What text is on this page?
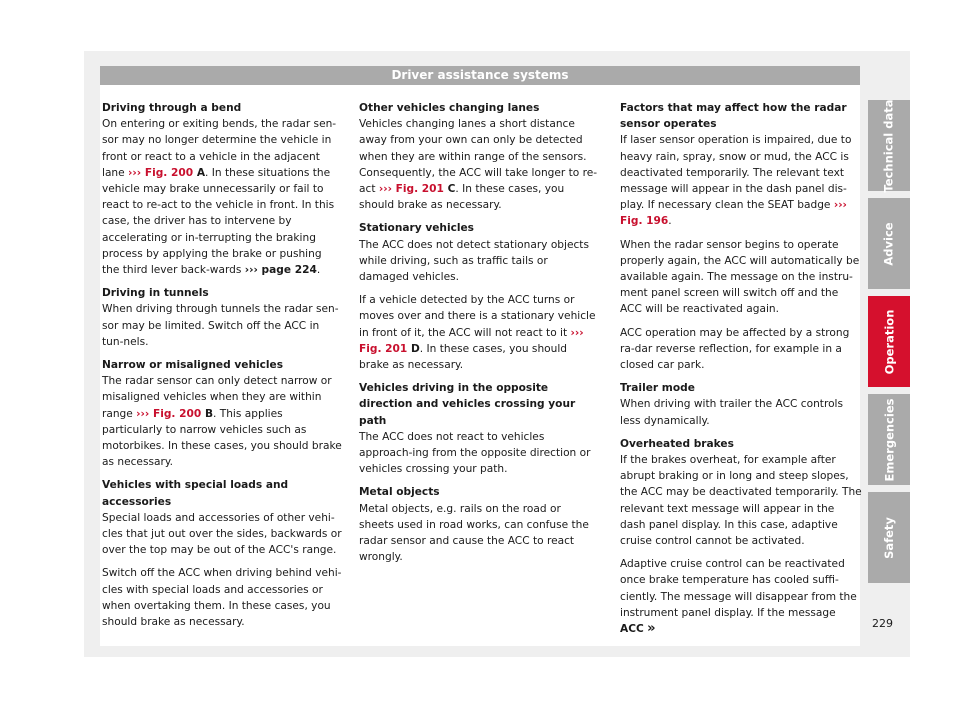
Driver assistance systems

Driving through a bend

On entering or exiting bends, the radar sen-sor may no longer determine the vehicle in front or react to a vehicle in the adjacent lane ››› Fig. 200 A. In these situations the vehicle may brake unnecessarily or fail to react to re-act to the vehicle in front. In this case, the driver has to intervene by accelerating or in-terrupting the braking process by applying the brake or pushing the third lever back-wards ››› page 224.

Driving in tunnels

When driving through tunnels the radar sen-sor may be limited. Switch off the ACC in tun-nels.

Narrow or misaligned vehicles

The radar sensor can only detect narrow or misaligned vehicles when they are within range ››› Fig. 200 B. This applies particularly to narrow vehicles such as motorbikes. In these cases, you should brake as necessary.

Vehicles with special loads and accessories

Special loads and accessories of other vehi-cles that jut out over the sides, backwards or over the top may be out of the ACC's range.

Switch off the ACC when driving behind vehi-cles with special loads and accessories or when overtaking them. In these cases, you should brake as necessary.

Other vehicles changing lanes

Vehicles changing lanes a short distance away from your own can only be detected when they are within range of the sensors. Consequently, the ACC will take longer to re-act ››› Fig. 201 C. In these cases, you should brake as necessary.

Stationary vehicles

The ACC does not detect stationary objects while driving, such as traffic tails or damaged vehicles.

If a vehicle detected by the ACC turns or moves over and there is a stationary vehicle in front of it, the ACC will not react to it ››› Fig. 201 D. In these cases, you should brake as necessary.

Vehicles driving in the opposite direction and vehicles crossing your path

The ACC does not react to vehicles approach-ing from the opposite direction or vehicles crossing your path.

Metal objects

Metal objects, e.g. rails on the road or sheets used in road works, can confuse the radar sensor and cause the ACC to react wrongly.

Factors that may affect how the radar sensor operates

If laser sensor operation is impaired, due to heavy rain, spray, snow or mud, the ACC is deactivated temporarily. The relevant text message will appear in the dash panel dis-play. If necessary clean the SEAT badge ››› Fig. 196.

When the radar sensor begins to operate properly again, the ACC will automatically be available again. The message on the instru-ment panel screen will switch off and the ACC will be reactivated again.

ACC operation may be affected by a strong ra-dar reverse reflection, for example in a closed car park.

Trailer mode

When driving with trailer the ACC controls less dynamically.

Overheated brakes

If the brakes overheat, for example after abrupt braking or in long and steep slopes, the ACC may be deactivated temporarily. The relevant text message will appear in the dash panel display. In this case, adaptive cruise control cannot be activated.

Adaptive cruise control can be reactivated once brake temperature has cooled suffi-ciently. The message will disappear from the instrument panel display. If the message ACC »

Technical data
Advice
Operation
Emergencies
Safety
229
